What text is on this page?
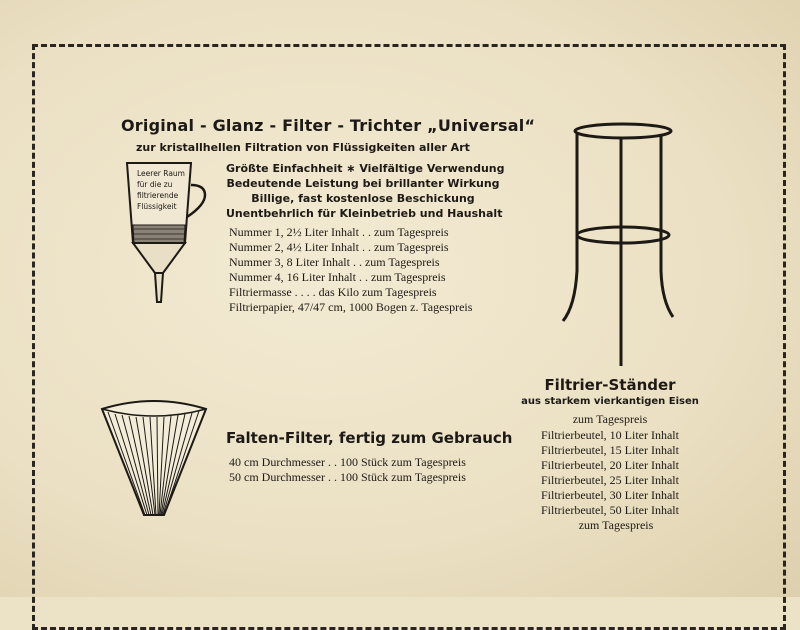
Original - Glanz - Filter - Trichter „Universal“
zur kristallhellen Filtration von Flüssigkeiten aller Art
Leerer Raum
für die zu
filtrierende
Flüssigkeit
Größte Einfachheit ∗ Vielfältige Verwendung
Bedeutende Leistung bei brillanter Wirkung
Billige, fast kostenlose Beschickung
Unentbehrlich für Kleinbetrieb und Haushalt
Nummer 1, 2½ Liter Inhalt . . zum Tagespreis
Nummer 2, 4½ Liter Inhalt . . zum Tagespreis
Nummer 3, 8 Liter Inhalt . . zum Tagespreis
Nummer 4, 16 Liter Inhalt . . zum Tagespreis
Filtriermasse . . . . das Kilo zum Tagespreis
Filtrierpapier, 47/47 cm, 1000 Bogen z. Tagespreis
Falten-Filter, fertig zum Gebrauch
40 cm Durchmesser . . 100 Stück zum Tagespreis
50 cm Durchmesser . . 100 Stück zum Tagespreis
Filtrier-Ständer
aus starkem vierkantigen Eisen
zum Tagespreis
Filtrierbeutel, 10 Liter Inhalt
Filtrierbeutel, 15 Liter Inhalt
Filtrierbeutel, 20 Liter Inhalt
Filtrierbeutel, 25 Liter Inhalt
Filtrierbeutel, 30 Liter Inhalt
Filtrierbeutel, 50 Liter Inhalt
zum Tagespreis
